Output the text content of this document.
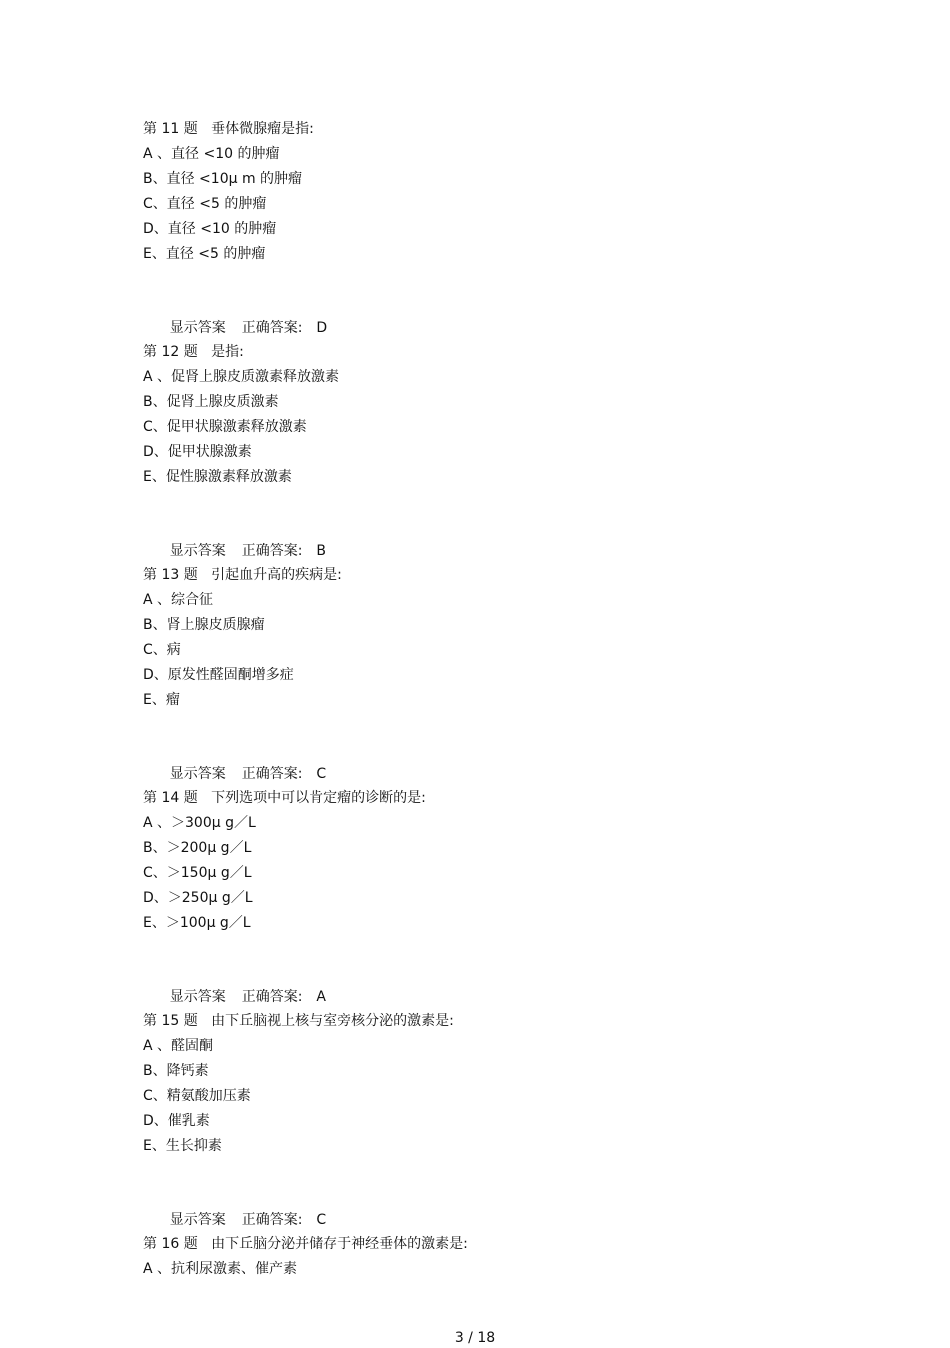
第 11 题   垂体微腺瘤是指:
A 、直径 <10 的肿瘤
B、直径 <10μ m 的肿瘤
C、直径 <5 的肿瘤
D、直径 <10 的肿瘤
E、直径 <5 的肿瘤

显示答案 正确答案: D

第 12 题   是指:
A 、促肾上腺皮质激素释放激素
B、促肾上腺皮质激素
C、促甲状腺激素释放激素
D、促甲状腺激素
E、促性腺激素释放激素

显示答案 正确答案: B

第 13 题   引起血升高的疾病是:
A 、综合征
B、肾上腺皮质腺瘤
C、病
D、原发性醛固酮增多症
E、瘤

显示答案 正确答案: C

第 14 题   下列选项中可以肯定瘤的诊断的是:
A 、＞300μ g／L
B、＞200μ g／L
C、＞150μ g／L
D、＞250μ g／L
E、＞100μ g／L

显示答案 正确答案: A

第 15 题   由下丘脑视上核与室旁核分泌的激素是:
A 、醛固酮
B、降钙素
C、精氨酸加压素
D、催乳素
E、生长抑素

显示答案 正确答案: C

第 16 题   由下丘脑分泌并储存于神经垂体的激素是:
A 、抗利尿激素、催产素
3 / 18
